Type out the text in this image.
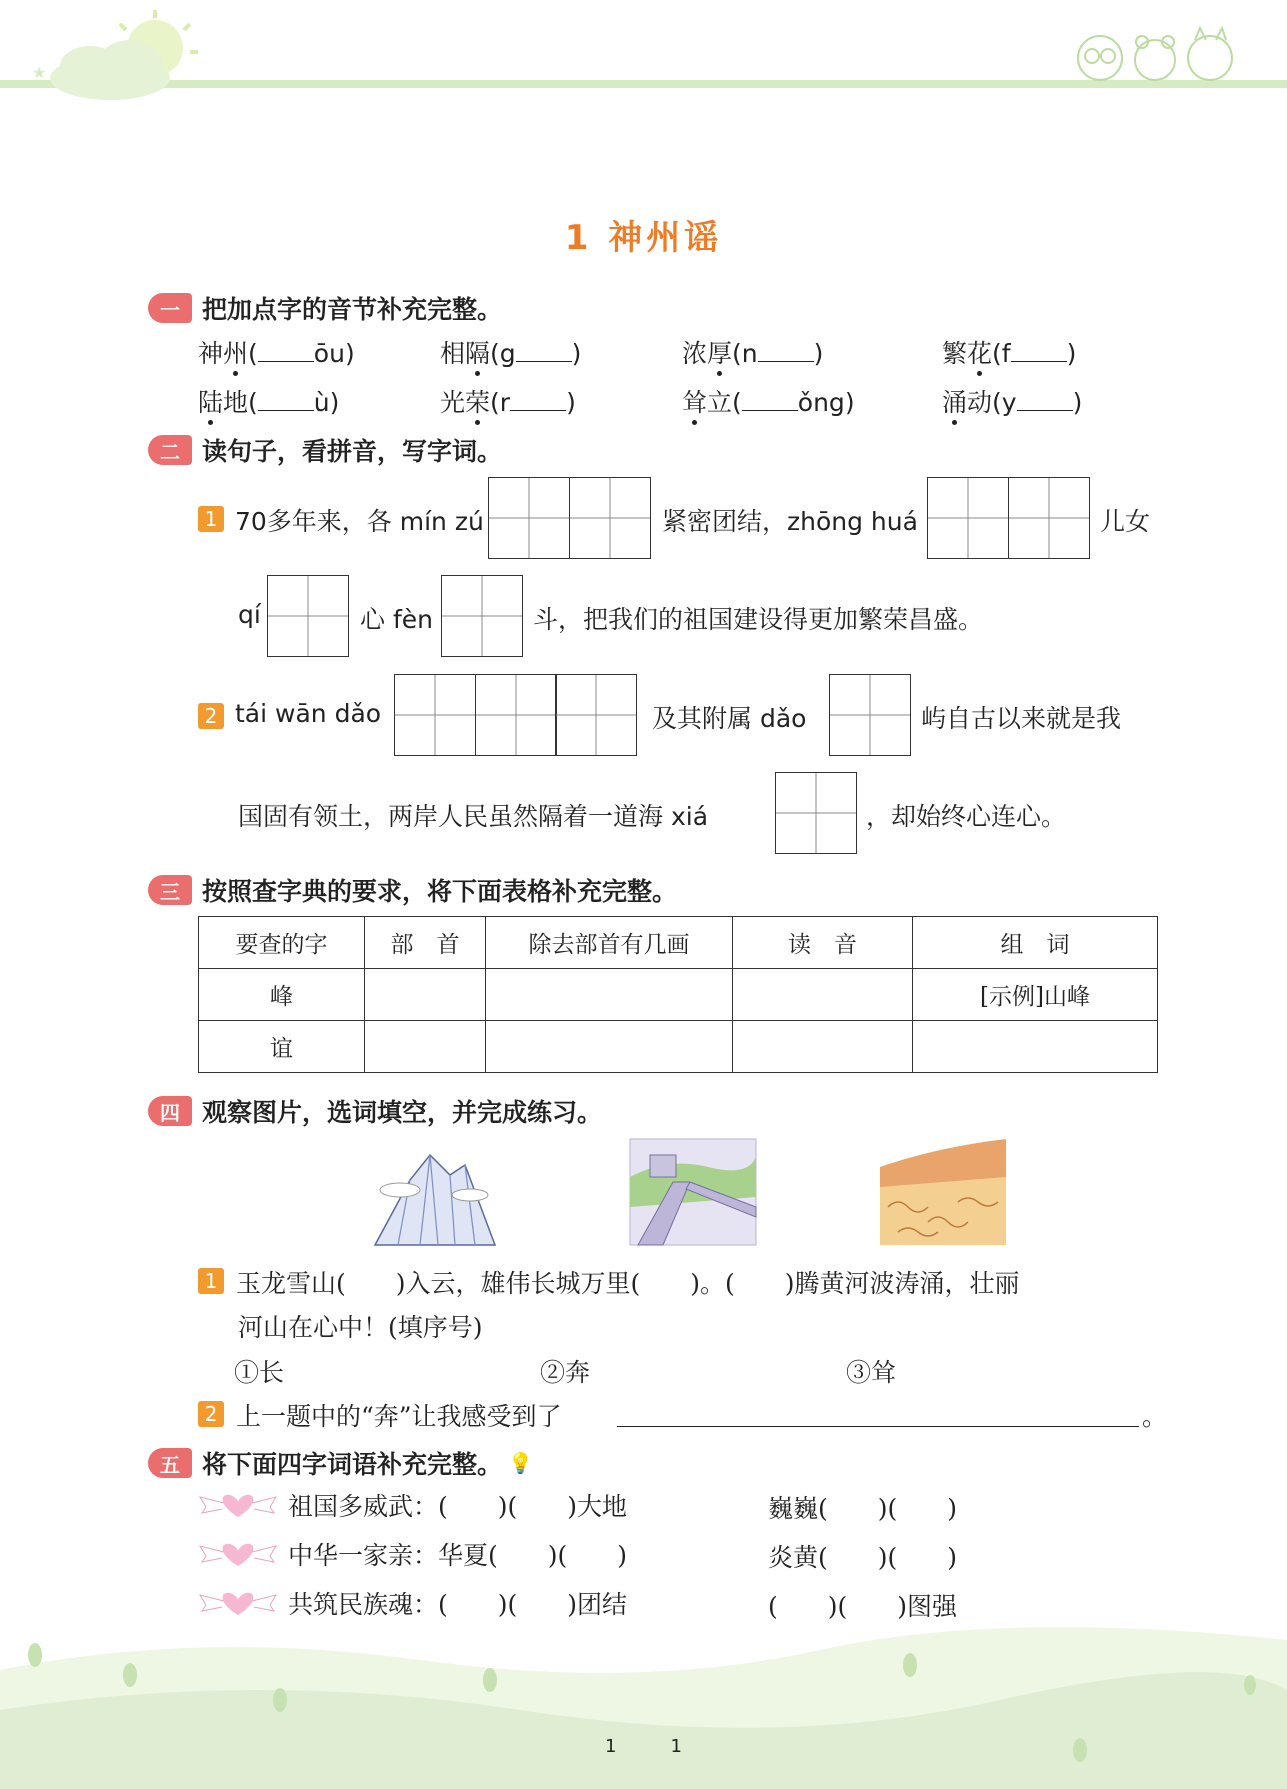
★
1 神州谣
一 把加点字的音节补充完整。
神州( ōu)	相隔(g )	浓厚(n )	繁花(f )
陆地( ù)	光荣(r )	耸立( ǒng)	涌动(y )
二 读句子，看拼音，写字词。
1 70多年来，各 mín zú	紧密团结，zhōng huá	儿女
qí	心 fèn	斗，把我们的祖国建设得更加繁荣昌盛。
2 tái wān dǎo	及其附属 dǎo	屿自古以来就是我
国固有领土，两岸人民虽然隔着一道海 xiá	，却始终心连心。
三 按照查字典的要求，将下面表格补充完整。
要查的字	部　首	除去部首有几画	读　音	组　词
峰				[示例]山峰
谊				
四 观察图片，选词填空，并完成练习。
1 玉龙雪山(　　)入云，雄伟长城万里(　　)。(　　)腾黄河波涛涌，壮丽
河山在心中！(填序号)
①长	②奔	③耸
2 上一题中的“奔”让我感受到了	。
五 将下面四字词语补充完整。 💡
祖国多威武：(　　)(　　)大地	巍巍(　　)(　　)
中华一家亲：华夏(　　)(　　)	炎黄(　　)(　　)
共筑民族魂：(　　)(　　)团结	(　　)(　　)图强
1　　　1
